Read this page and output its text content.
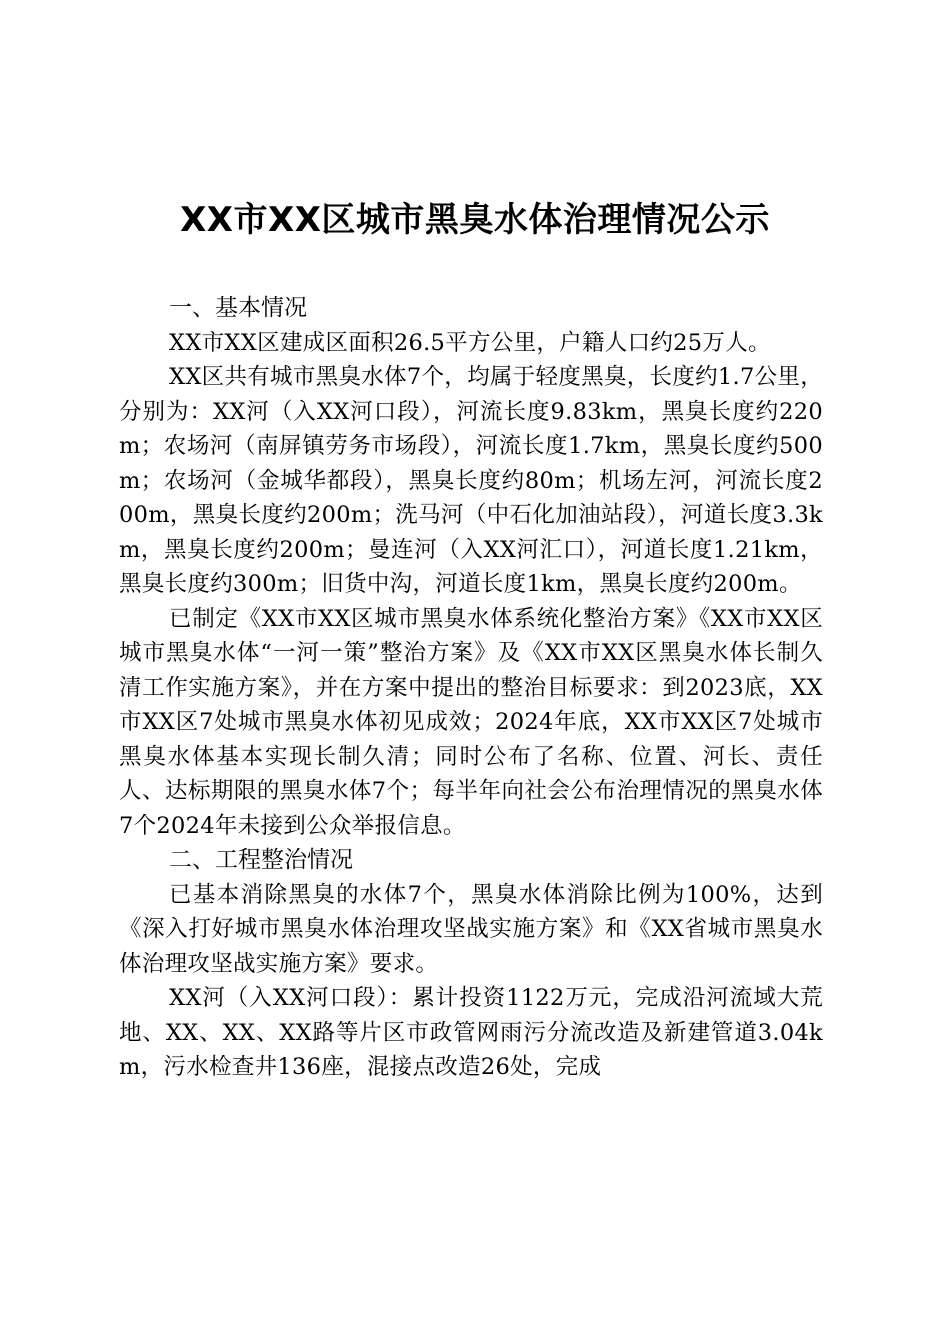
XX市XX区城市黑臭水体治理情况公示
一、基本情况

XX市XX区建成区面积26.5平方公里，户籍人口约25万人。

XX区共有城市黑臭水体7个，均属于轻度黑臭，长度约1.7公里，分别为：XX河（入XX河口段），河流长度9.83km，黑臭长度约220m；农场河（南屏镇劳务市场段），河流长度1.7km，黑臭长度约500m；农场河（金城华都段），黑臭长度约80m；机场左河，河流长度200m，黑臭长度约200m；洗马河（中石化加油站段），河道长度3.3km，黑臭长度约200m；曼连河（入XX河汇口），河道长度1.21km，黑臭长度约300m；旧货中沟，河道长度1km，黑臭长度约200m。

已制定《XX市XX区城市黑臭水体系统化整治方案》《XX市XX区城市黑臭水体“一河一策”整治方案》及《XX市XX区黑臭水体长制久清工作实施方案》，并在方案中提出的整治目标要求：到2023底，XX市XX区7处城市黑臭水体初见成效；2024年底，XX市XX区7处城市黑臭水体基本实现长制久清；同时公布了名称、位置、河长、责任人、达标期限的黑臭水体7个；每半年向社会公布治理情况的黑臭水体7个2024年未接到公众举报信息。

二、工程整治情况

已基本消除黑臭的水体7个，黑臭水体消除比例为100%，达到《深入打好城市黑臭水体治理攻坚战实施方案》和《XX省城市黑臭水体治理攻坚战实施方案》要求。

XX河（入XX河口段）：累计投资1122万元，完成沿河流域大荒地、XX、XX、XX路等片区市政管网雨污分流改造及新建管道3.04km，污水检查井136座，混接点改造26处，完成
